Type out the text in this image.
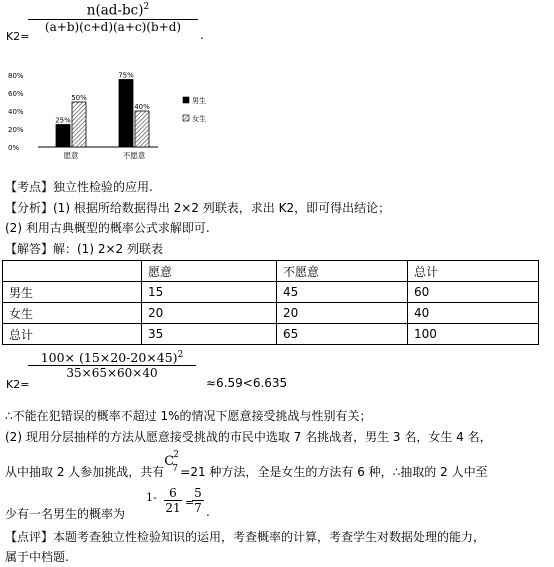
K2=
$n(ad-bc)^2$
(a+b)(c+d)(a+c)(b+d)
.
0%
20%
40%
60%
80%
25%
50%
愿意
75%
40%
不愿意
男生
女生
【考点】独立性检验的应用.
【分析】(1) 根据所给数据得出 2×2 列联表，求出 K2，即可得出结论；
(2) 利用古典概型的概率公式求解即可.
【解答】解：(1) 2×2 列联表
	愿意	不愿意	总计
男生	15	45	60
女生	20	20	40
总计	35	65	100
K2=
$100\times (15\times 20-20\times 45)^2$
35×65×60×40
≈6.59<6.635
∴不能在犯错误的概率不超过 1%的情况下愿意接受挑战与性别有关；
(2) 现用分层抽样的方法从愿意接受挑战的市民中选取 7 名挑战者，男生 3 名，女生 4 名，
从中抽取 2 人参加挑战，共有
C 2
7 =21 种方法，全是女生的方法有 6 种，∴抽取的 2 人中至
少有一名男生的概率为
1-	6
21 =
5
7 .
【点评】本题考查独立性检验知识的运用，考查概率的计算，考查学生对数据处理的能力，
属于中档题.
